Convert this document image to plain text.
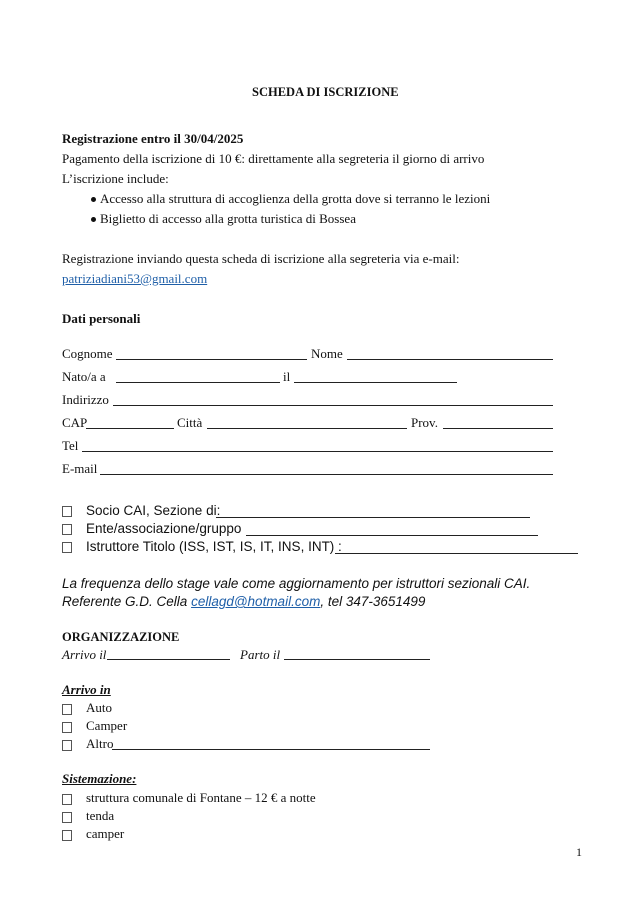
SCHEDA DI ISCRIZIONE
Registrazione entro il 30/04/2025
Pagamento della iscrizione di 10 €: direttamente alla segreteria il giorno di arrivo
L’iscrizione include:
Accesso alla struttura di accoglienza della grotta dove si terranno le lezioni
Biglietto di accesso alla grotta turistica di Bossea
Registrazione inviando questa scheda di iscrizione alla segreteria via e-mail:
patriziadiani53@gmail.com
Dati personali
Cognome	Nome
Nato/a a	il
Indirizzo
CAP	Città	Prov.
Tel
E-mail
Socio CAI, Sezione di:
Ente/associazione/gruppo
Istruttore Titolo (ISS, IST, IS, IT, INS, INT) :
La frequenza dello stage vale come aggiornamento per istruttori sezionali CAI.
Referente G.D. Cella cellagd@hotmail.com, tel 347-3651499
ORGANIZZAZIONE
Arrivo il	Parto il
Arrivo in
Auto
Camper
Altro
Sistemazione:
struttura comunale di Fontane – 12 € a notte
tenda
camper
1
